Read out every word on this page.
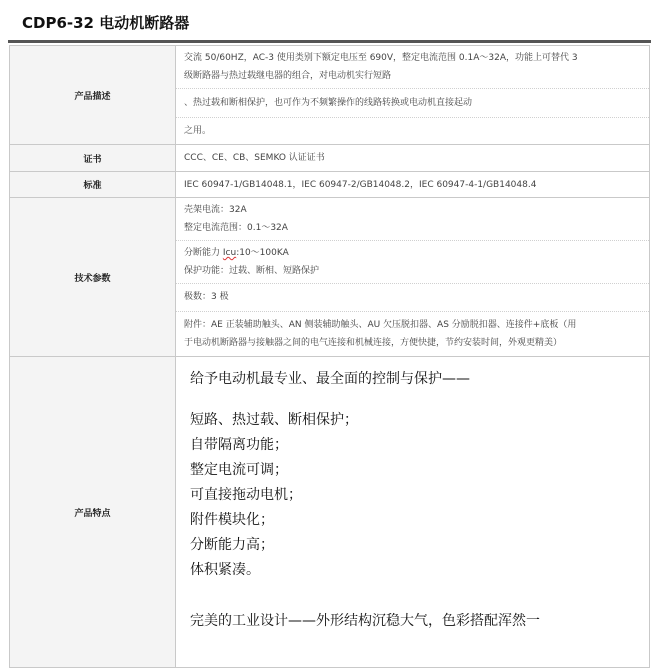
CDP6-32 电动机断路器
产品描述
交流 50/60HZ，AC-3 使用类别下额定电压至 690V，整定电流范围 0.1A～32A，功能上可替代 3
级断路器与热过载继电器的组合，对电动机实行短路
、热过载和断相保护，也可作为不频繁操作的线路转换或电动机直接起动
之用。
证书	CCC、CE、CB、SEMKO 认证证书
标准	IEC 60947-1/GB14048.1，IEC 60947-2/GB14048.2，IEC 60947-4-1/GB14048.4
技术参数
壳架电流：32A
整定电流范围：0.1～32A
分断能力 Icu:10～100KA
保护功能：过载、断相、短路保护
极数：3 极
附件：AE 正装辅助触头、AN 侧装辅助触头、AU 欠压脱扣器、AS 分励脱扣器、连接件+底板（用
于电动机断路器与接触器之间的电气连接和机械连接，方便快捷，节约安装时间，外观更精美）
产品特点
给予电动机最专业、最全面的控制与保护——
短路、热过载、断相保护；
自带隔离功能；
整定电流可调；
可直接拖动电机；
附件模块化；
分断能力高；
体积紧凑。
完美的工业设计——外形结构沉稳大气，色彩搭配浑然一
